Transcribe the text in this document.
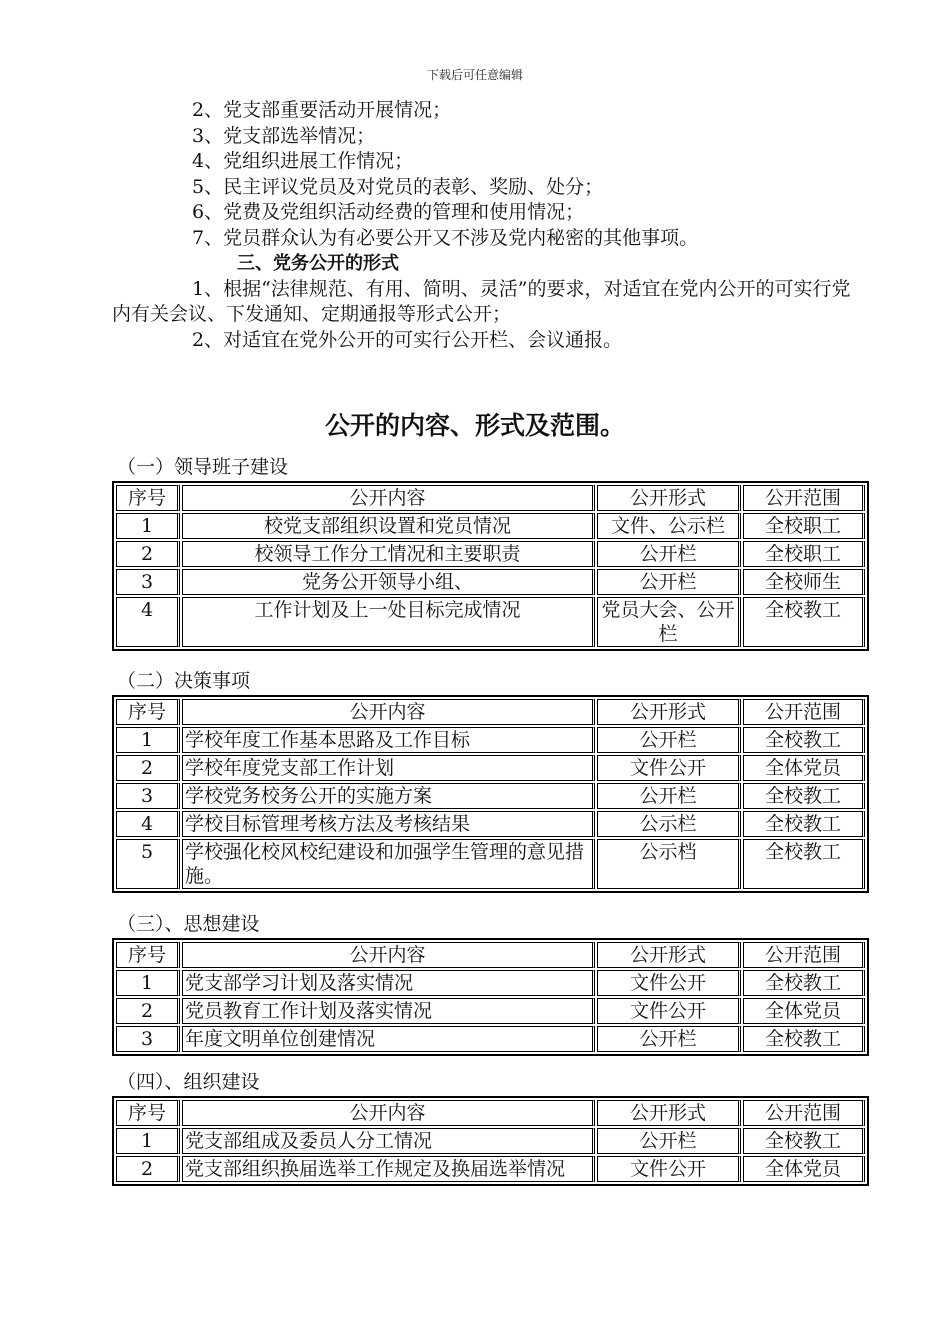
下载后可任意编辑

2、党支部重要活动开展情况；

3、党支部选举情况；

4、党组织进展工作情况；

5、民主评议党员及对党员的表彰、奖励、处分；

6、党费及党组织活动经费的管理和使用情况；

7、党员群众认为有必要公开又不涉及党内秘密的其他事项。

三、党务公开的形式

1、根据“法律规范、有用、简明、灵活”的要求，对适宜在党内公开的可实行党内有关会议、下发通知、定期通报等形式公开；

2、对适宜在党外公开的可实行公开栏、会议通报。

公开的内容、形式及范围。
（一）领导班子建设
序号	公开内容	公开形式	公开范围
1	校党支部组织设置和党员情况	文件、公示栏	全校职工
2	校领导工作分工情况和主要职责	公开栏	全校职工
3	党务公开领导小组、	公开栏	全校师生
4	工作计划及上一处目标完成情况	党员大会、公开栏	全校教工
（二）决策事项
序号	公开内容	公开形式	公开范围
1	学校年度工作基本思路及工作目标	公开栏	全校教工
2	学校年度党支部工作计划	文件公开	全体党员
3	学校党务校务公开的实施方案	公开栏	全校教工
4	学校目标管理考核方法及考核结果	公示栏	全校教工
5	学校强化校风校纪建设和加强学生管理的意见措施。	公示档	全校教工
（三）、思想建设
序号	公开内容	公开形式	公开范围
1	党支部学习计划及落实情况	文件公开	全校教工
2	党员教育工作计划及落实情况	文件公开	全体党员
3	年度文明单位创建情况	公开栏	全校教工
（四）、组织建设
序号	公开内容	公开形式	公开范围
1	党支部组成及委员人分工情况	公开栏	全校教工
2	党支部组织换届选举工作规定及换届选举情况	文件公开	全体党员
